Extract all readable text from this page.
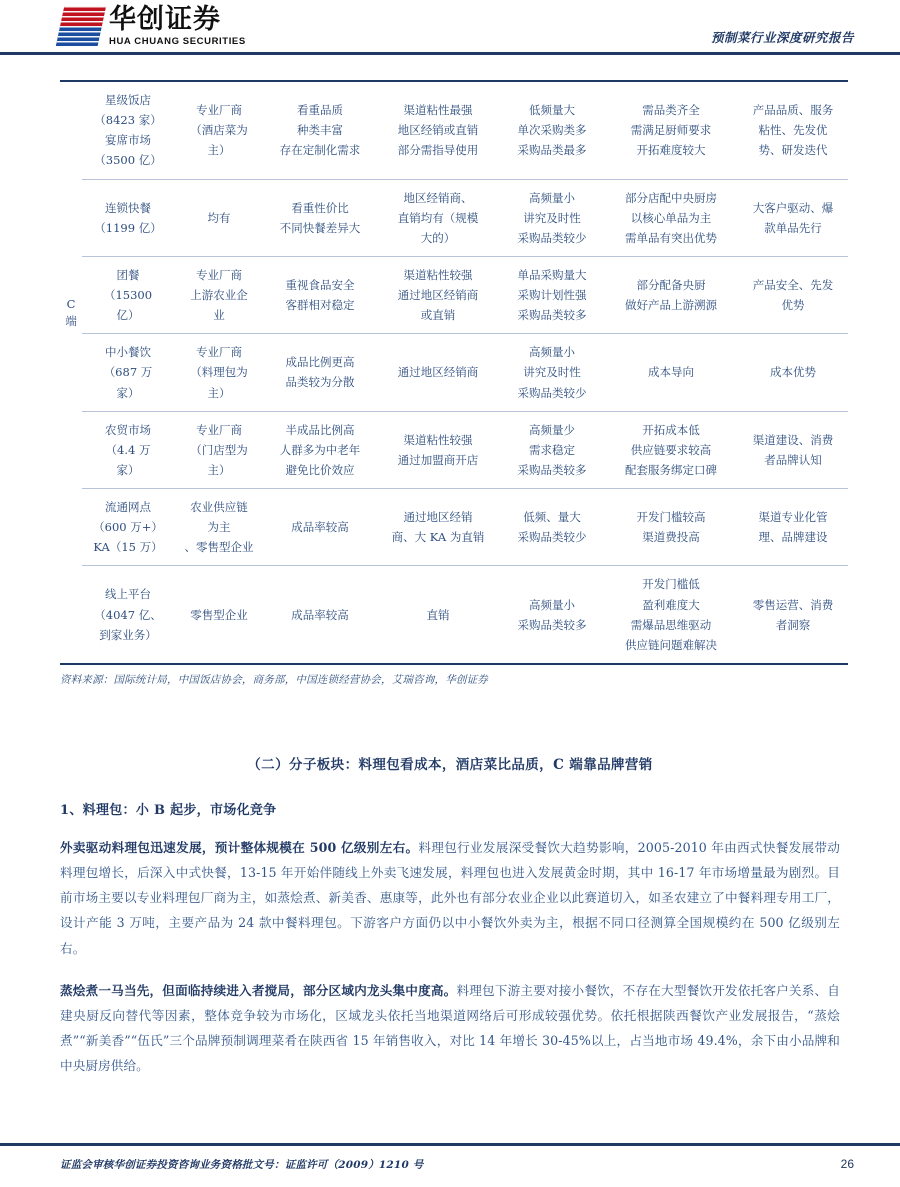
华创证券
HUA CHUANG SECURITIES	预制菜行业深度研究报告
C
端	星级饭店
（8423 家）
宴席市场
（3500 亿）	专业厂商
（酒店菜为
主）	看重品质
种类丰富
存在定制化需求	渠道粘性最强
地区经销或直销
部分需指导使用	低频量大
单次采购类多
采购品类最多	需品类齐全
需满足厨师要求
开拓难度较大	产品品质、服务
粘性、先发优
势、研发迭代

	连锁快餐
（1199 亿）	均有	看重性价比
不同快餐差异大	地区经销商、
直销均有（规模
大的）	高频量小
讲究及时性
采购品类较少	部分店配中央厨房
以核心单品为主
需单品有突出优势	大客户驱动、爆
款单品先行

	团餐
（15300
亿）	专业厂商
上游农业企
业	重视食品安全
客群相对稳定	渠道粘性较强
通过地区经销商
或直销	单品采购量大
采购计划性强
采购品类较多	部分配备央厨
做好产品上游溯源	产品安全、先发
优势

	中小餐饮
（687 万
家）	专业厂商
（料理包为
主）	成品比例更高
品类较为分散	通过地区经销商	高频量小
讲究及时性
采购品类较少	成本导向	成本优势

	农贸市场
（4.4 万
家）	专业厂商
（门店型为
主）	半成品比例高
人群多为中老年
避免比价效应	渠道粘性较强
通过加盟商开店	高频量少
需求稳定
采购品类较多	开拓成本低
供应链要求较高
配套服务绑定口碑	渠道建设、消费
者品牌认知

	流通网点
（600 万+）
KA（15 万）	农业供应链
为主
、零售型企业	成品率较高	通过地区经销
商、大 KA 为直销	低频、量大
采购品类较少	开发门槛较高
渠道费投高	渠道专业化管
理、品牌建设

	线上平台
（4047 亿、
到家业务）	零售型企业	成品率较高	直销	高频量小
采购品类较多	开发门槛低
盈利难度大
需爆品思维驱动
供应链问题难解决	零售运营、消费
者洞察

资料来源：国际统计局，中国饭店协会，商务部，中国连锁经营协会，艾瑞咨询，华创证券
（二）分子板块：料理包看成本，酒店菜比品质，C 端靠品牌营销
1、料理包：小 B 起步，市场化竞争

外卖驱动料理包迅速发展，预计整体规模在 500 亿级别左右。料理包行业发展深受餐饮大趋势影响，2005-2010 年由西式快餐发展带动料理包增长，后深入中式快餐，13-15 年开始伴随线上外卖飞速发展，料理包也进入发展黄金时期，其中 16-17 年市场增量最为剧烈。目前市场主要以专业料理包厂商为主，如蒸烩煮、新美香、惠康等，此外也有部分农业企业以此赛道切入，如圣农建立了中餐料理专用工厂，设计产能 3 万吨，主要产品为 24 款中餐料理包。下游客户方面仍以中小餐饮外卖为主，根据不同口径测算全国规模约在 500 亿级别左右。

蒸烩煮一马当先，但面临持续进入者搅局，部分区域内龙头集中度高。料理包下游主要对接小餐饮，不存在大型餐饮开发依托客户关系、自建央厨反向替代等因素，整体竞争较为市场化，区域龙头依托当地渠道网络后可形成较强优势。依托根据陕西餐饮产业发展报告，“蒸烩煮”“新美香”“伍氏”三个品牌预制调理菜肴在陕西省 15 年销售收入，对比 14 年增长 30-45%以上，占当地市场 49.4%，余下由小品牌和中央厨房供给。

证监会审核华创证券投资咨询业务资格批文号：证监许可（2009）1210 号	26
